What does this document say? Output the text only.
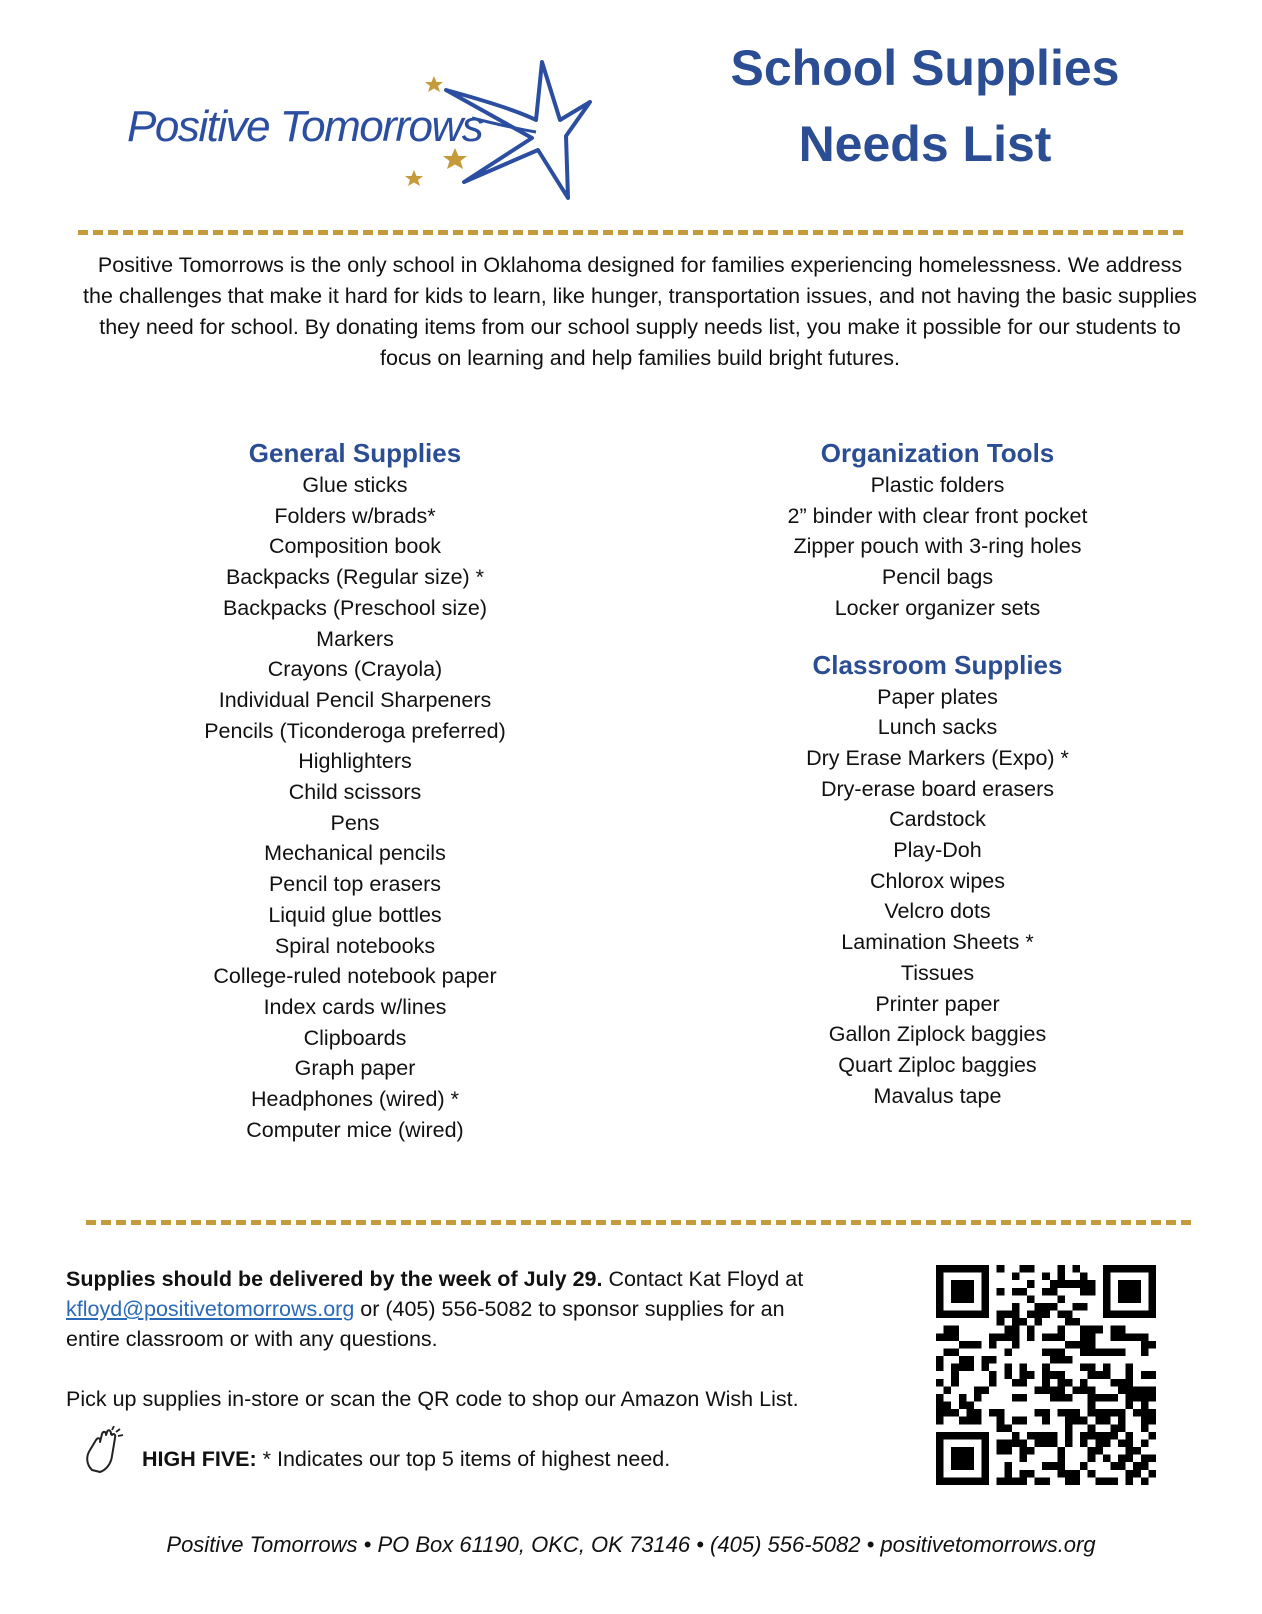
Positive Tomorrows
School Supplies
Needs List
Positive Tomorrows is the only school in Oklahoma designed for families experiencing homelessness. We address the challenges that make it hard for kids to learn, like hunger, transportation issues, and not having the basic supplies they need for school. By donating items from our school supply needs list, you make it possible for our students to focus on learning and help families build bright futures.
General Supplies
Glue sticks
Folders w/brads*
Composition book
Backpacks (Regular size) *
Backpacks (Preschool size)
Markers
Crayons (Crayola)
Individual Pencil Sharpeners
Pencils (Ticonderoga preferred)
Highlighters
Child scissors
Pens
Mechanical pencils
Pencil top erasers
Liquid glue bottles
Spiral notebooks
College-ruled notebook paper
Index cards w/lines
Clipboards
Graph paper
Headphones (wired) *
Computer mice (wired)
Organization Tools
Plastic folders
2” binder with clear front pocket
Zipper pouch with 3-ring holes
Pencil bags
Locker organizer sets
Classroom Supplies
Paper plates
Lunch sacks
Dry Erase Markers (Expo) *
Dry-erase board erasers
Cardstock
Play-Doh
Chlorox wipes
Velcro dots
Lamination Sheets *
Tissues
Printer paper
Gallon Ziplock baggies
Quart Ziploc baggies
Mavalus tape
Supplies should be delivered by the week of July 29. Contact Kat Floyd at
kfloyd@positivetomorrows.org or (405) 556-5082 to sponsor supplies for an
entire classroom or with any questions.
Pick up supplies in-store or scan the QR code to shop our Amazon Wish List.
HIGH FIVE: * Indicates our top 5 items of highest need.
Positive Tomorrows • PO Box 61190, OKC, OK 73146 • (405) 556-5082 • positivetomorrows.org
